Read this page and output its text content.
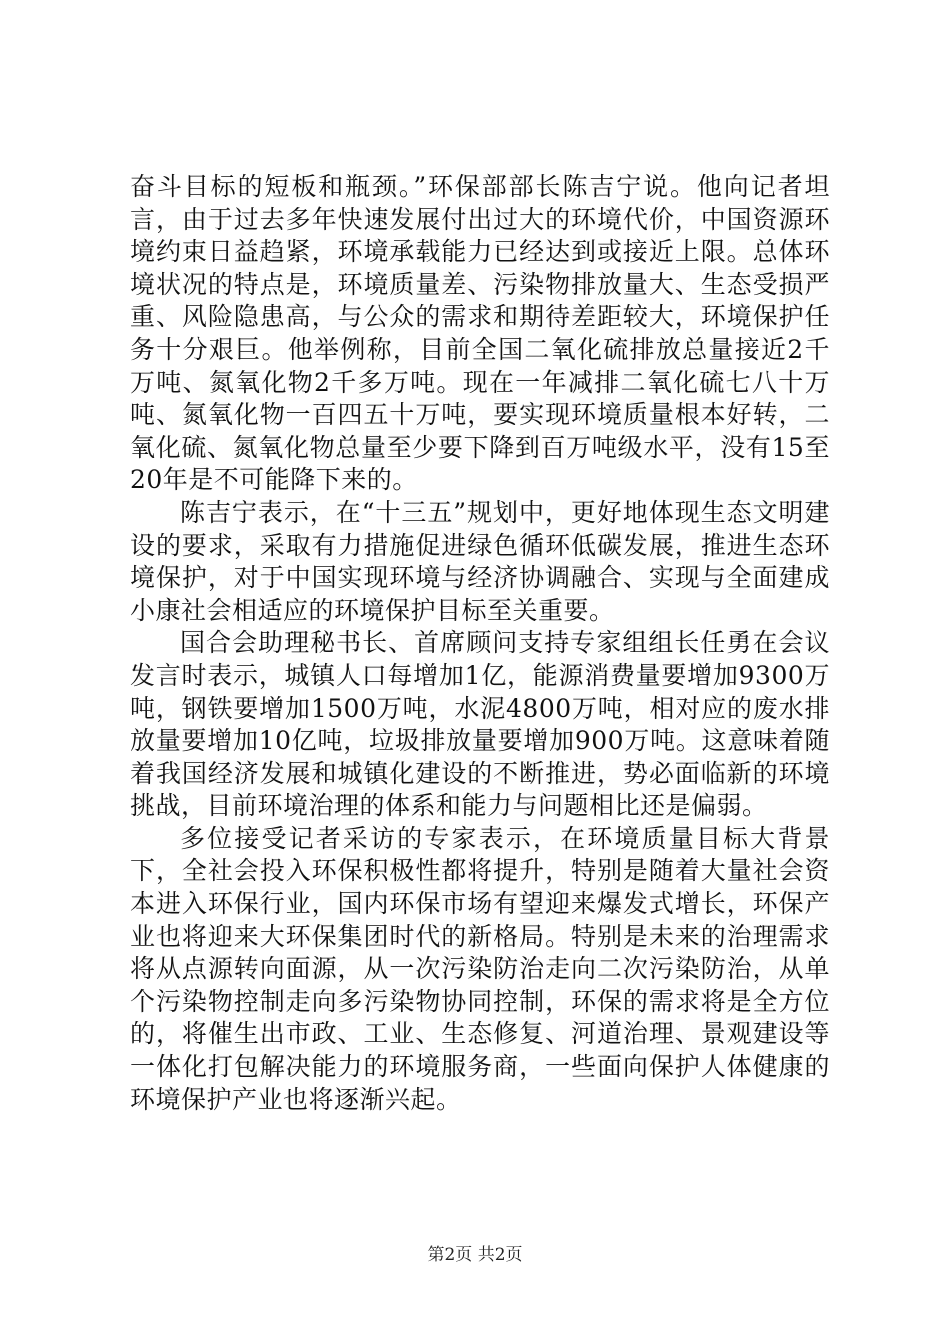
奋斗目标的短板和瓶颈。”环保部部长陈吉宁说。他向记者坦言，由于过去多年快速发展付出过大的环境代价，中国资源环境约束日益趋紧，环境承载能力已经达到或接近上限。总体环境状况的特点是，环境质量差、污染物排放量大、生态受损严重、风险隐患高，与公众的需求和期待差距较大，环境保护任务十分艰巨。他举例称，目前全国二氧化硫排放总量接近2千万吨、氮氧化物2千多万吨。现在一年减排二氧化硫七八十万吨、氮氧化物一百四五十万吨，要实现环境质量根本好转，二氧化硫、氮氧化物总量至少要下降到百万吨级水平，没有15至20年是不可能降下来的。

陈吉宁表示，在“十三五”规划中，更好地体现生态文明建设的要求，采取有力措施促进绿色循环低碳发展，推进生态环境保护，对于中国实现环境与经济协调融合、实现与全面建成小康社会相适应的环境保护目标至关重要。

国合会助理秘书长、首席顾问支持专家组组长任勇在会议发言时表示，城镇人口每增加1亿，能源消费量要增加9300万吨，钢铁要增加1500万吨，水泥4800万吨，相对应的废水排放量要增加10亿吨，垃圾排放量要增加900万吨。这意味着随着我国经济发展和城镇化建设的不断推进，势必面临新的环境挑战，目前环境治理的体系和能力与问题相比还是偏弱。

多位接受记者采访的专家表示，在环境质量目标大背景下，全社会投入环保积极性都将提升，特别是随着大量社会资本进入环保行业，国内环保市场有望迎来爆发式增长，环保产业也将迎来大环保集团时代的新格局。特别是未来的治理需求将从点源转向面源，从一次污染防治走向二次污染防治，从单个污染物控制走向多污染物协同控制，环保的需求将是全方位的，将催生出市政、工业、生态修复、河道治理、景观建设等一体化打包解决能力的环境服务商，一些面向保护人体健康的环境保护产业也将逐渐兴起。

第2页 共2页
